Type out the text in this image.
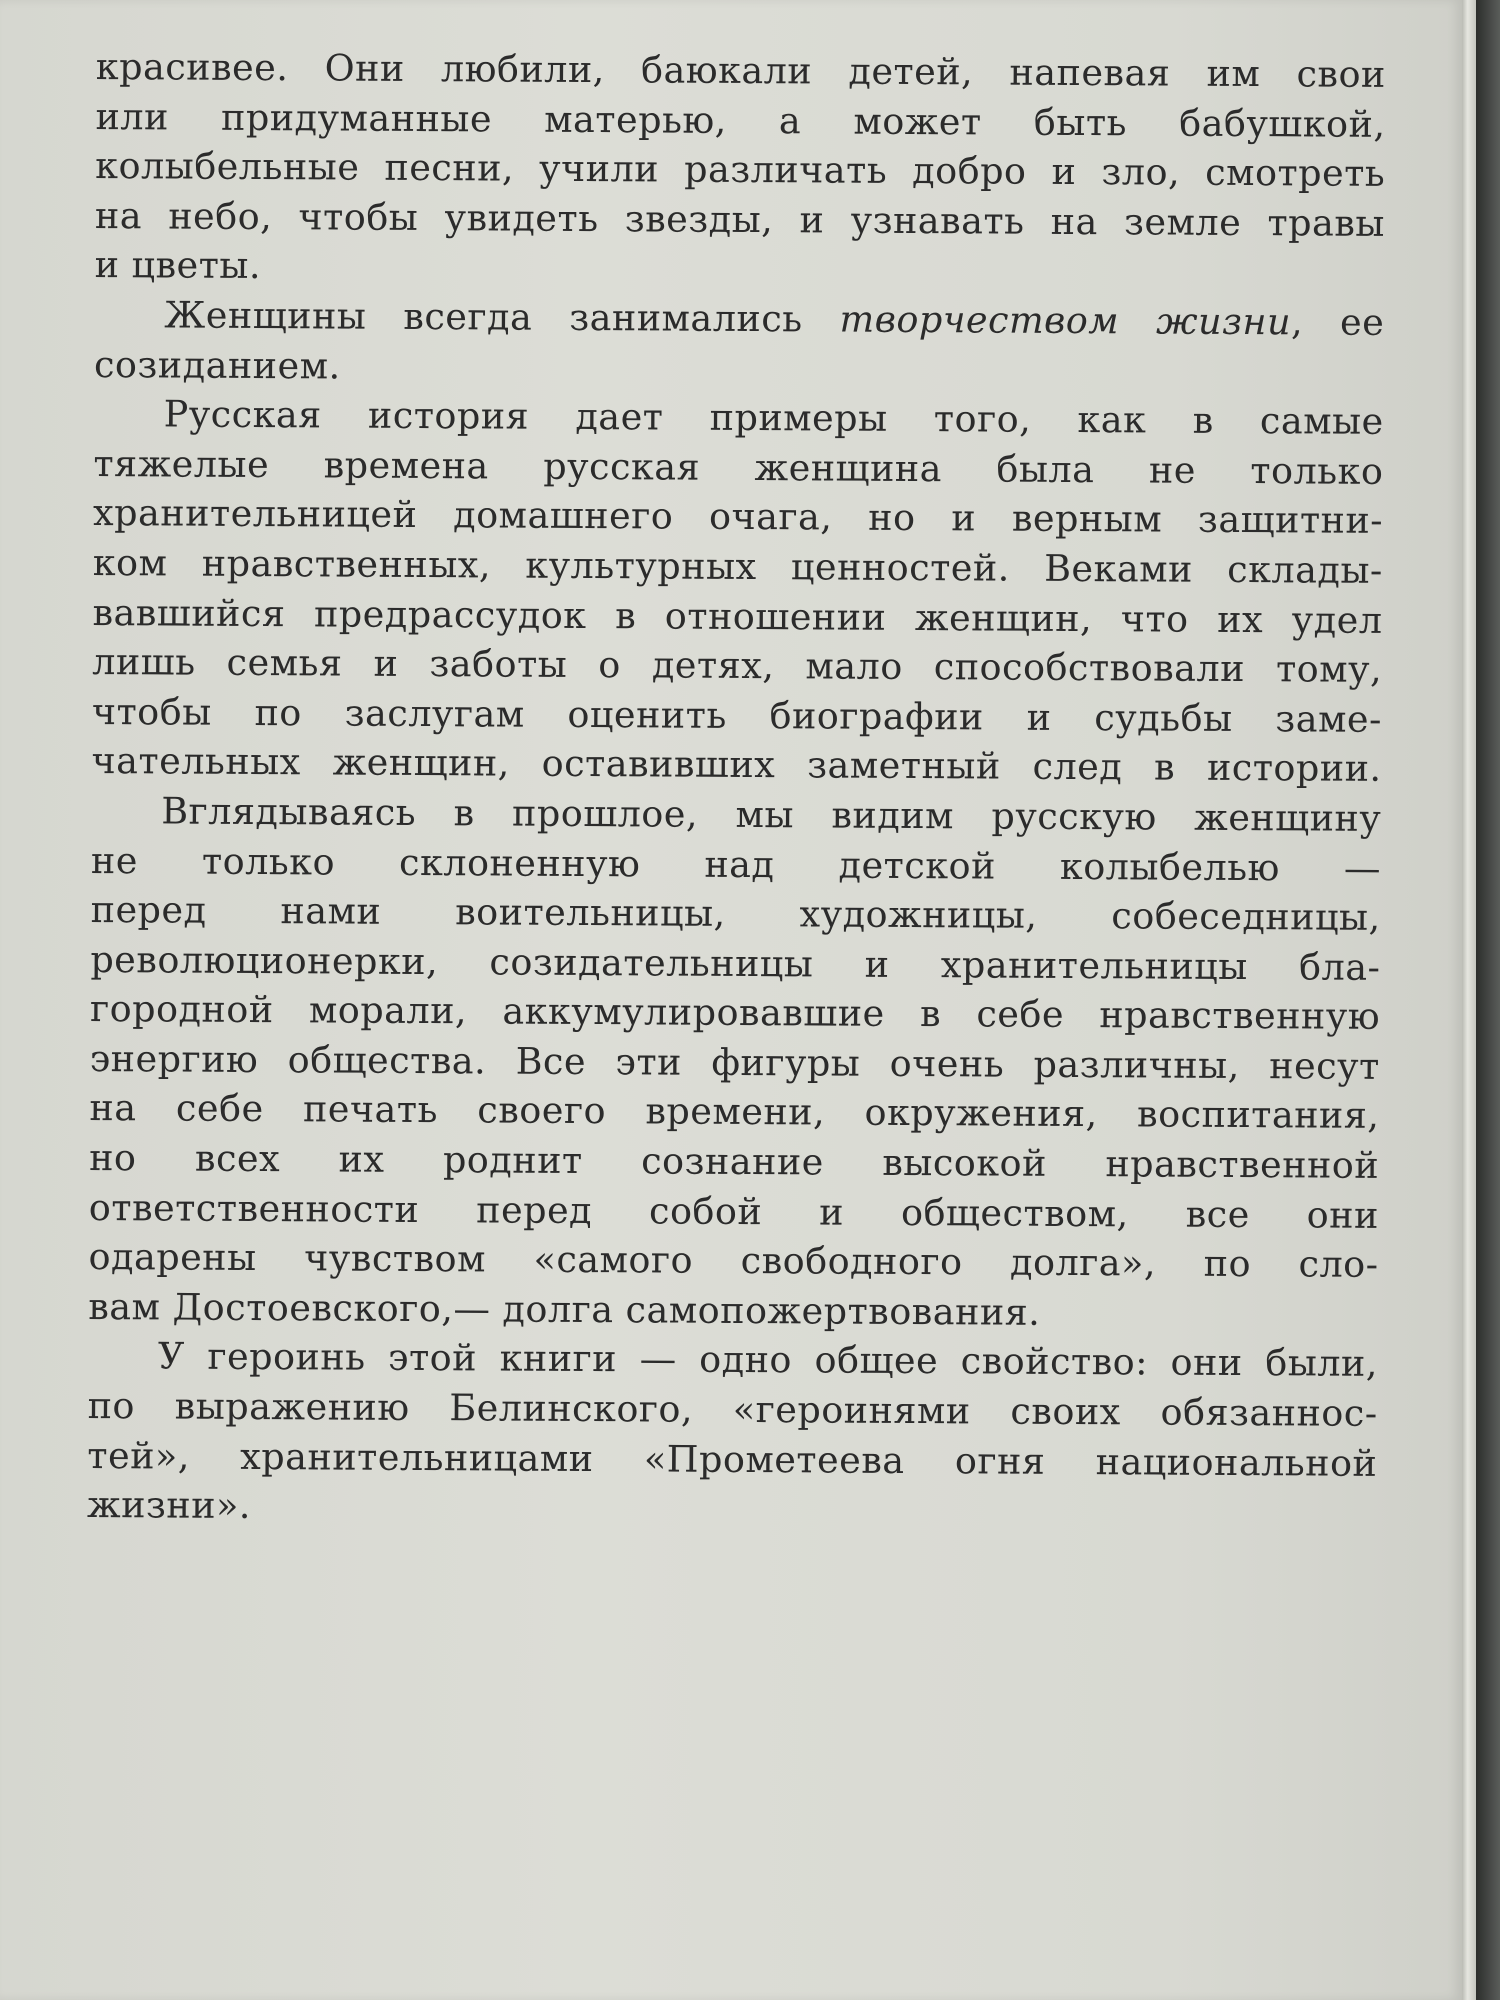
красивее. Они любили, баюкали детей, напевая им свои
или придуманные матерью, а может быть бабушкой,
колыбельные песни, учили различать добро и зло, смотреть
на небо, чтобы увидеть звезды, и узнавать на земле травы
и цветы.
Женщины всегда занимались творчеством жизни, ее
созиданием.
Русская история дает примеры того, как в самые
тяжелые времена русская женщина была не только
хранительницей домашнего очага, но и верным защитни-
ком нравственных, культурных ценностей. Веками склады-
вавшийся предрассудок в отношении женщин, что их удел
лишь семья и заботы о детях, мало способствовали тому,
чтобы по заслугам оценить биографии и судьбы заме-
чательных женщин, оставивших заметный след в истории.
Вглядываясь в прошлое, мы видим русскую женщину
не только склоненную над детской колыбелью —
перед нами воительницы, художницы, собеседницы,
революционерки, созидательницы и хранительницы бла-
городной морали, аккумулировавшие в себе нравственную
энергию общества. Все эти фигуры очень различны, несут
на себе печать своего времени, окружения, воспитания,
но всех их роднит сознание высокой нравственной
ответственности перед собой и обществом, все они
одарены чувством «самого свободного долга», по сло-
вам Достоевского,— долга самопожертвования.
У героинь этой книги — одно общее свойство: они были,
по выражению Белинского, «героинями своих обязаннос-
тей», хранительницами «Прометеева огня национальной
жизни».
